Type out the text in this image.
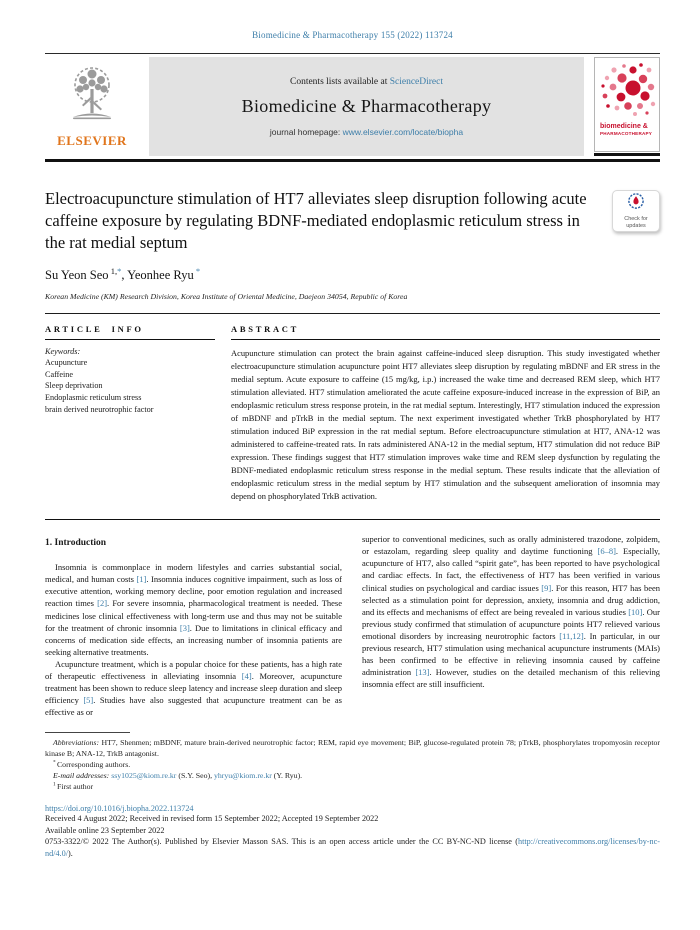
Biomedicine & Pharmacotherapy 155 (2022) 113724
ELSEVIER
Contents lists available at ScienceDirect
Biomedicine & Pharmacotherapy
journal homepage: www.elsevier.com/locate/biopha	biomedicine &
PHARMACOTHERAPY
Electroacupuncture stimulation of HT7 alleviates sleep disruption following acute caffeine exposure by regulating BDNF-mediated endoplasmic reticulum stress in the rat medial septum
Check for
updates
Su Yeon Seo $^{1,*}$, Yeonhee Ryu *
Korean Medicine (KM) Research Division, Korea Institute of Oriental Medicine, Daejeon 34054, Republic of Korea
ARTICLE INFO
Keywords:
Acupuncture
Caffeine
Sleep deprivation
Endoplasmic reticulum stress
brain derived neurotrophic factor
ABSTRACT
Acupuncture stimulation can protect the brain against caffeine-induced sleep disruption. This study investigated whether electroacupuncture stimulation acupuncture point HT7 alleviates sleep disruption by regulating mBDNF and ER stress in the medial septum. Acute exposure to caffeine (15 mg/kg, i.p.) increased the wake time and decreased REM sleep, which HT7 stimulation alleviated. HT7 stimulation ameliorated the acute caffeine exposure-induced increase in the expression of BiP, an endoplasmic reticulum stress response protein, in the rat medial septum. Interestingly, HT7 stimulation induced the expression of mBDNF and pTrkB in the medial septum. The next experiment investigated whether TrkB phosphorylated by HT7 stimulation induced BiP expression in the rat medial septum. Before electroacupuncture stimulation at HT7, ANA-12 was administered to caffeine-treated rats. In rats administered ANA-12 in the medial septum, HT7 stimulation did not reduce BiP expression. These findings suggest that HT7 stimulation improves wake time and REM sleep dysfunction by regulating the BDNF-mediated endoplasmic reticulum stress response in the medial septum. These results indicate that the alleviation of endoplasmic reticulum stress in the medial septum by HT7 stimulation and the subsequent amelioration of insomnia may depend on phosphorylated TrkB activation.
1. Introduction

Insomnia is commonplace in modern lifestyles and carries substantial social, medical, and human costs [1]. Insomnia induces cognitive impairment, such as loss of executive attention, working memory decline, poor emotion regulation and increased reaction times [2]. For severe insomnia, pharmacological treatment is needed. These medicines lose clinical effectiveness with long-term use and thus may not be suitable for the treatment of chronic insomnia [3]. Due to limitations in clinical efficacy and concerns of medication side effects, an increasing number of insomnia patients are seeking alternative treatments.

Acupuncture treatment, which is a popular choice for these patients, has a high rate of therapeutic effectiveness in alleviating insomnia [4]. Moreover, acupuncture treatment has been shown to reduce sleep latency and increase sleep duration and sleep efficiency [5]. Studies have also suggested that acupuncture treatment can be as effective as or

superior to conventional medicines, such as orally administered trazodone, zolpidem, or estazolam, regarding sleep quality and daytime functioning [6–8]. Especially, acupuncture of HT7, also called “spirit gate”, has been reported to have psychological and cardiac effects. In fact, the effectiveness of HT7 has been verified in various clinical studies on psychological and cardiac issues [9]. For this reason, HT7 has been selected as a stimulation point for depression, anxiety, insomnia and drug addiction, and its effects and mechanisms of effect are being revealed in various studies [10]. Our previous study confirmed that stimulation of acupuncture points HT7 relieved various emotional disorders by increasing neurotrophic factors [11,12]. In particular, in our previous research, HT7 stimulation using mechanical acupuncture instruments (MAIs) has been confirmed to be effective in relieving insomnia caused by caffeine administration [13]. However, studies on the detailed mechanism of this relieving insomnia effect are still insufficient.

Abbreviations: HT7, Shenmen; mBDNF, mature brain-derived neurotrophic factor; REM, rapid eye movement; BiP, glucose-regulated protein 78; pTrkB, phosphorylates tropomyosin receptor kinase B; ANA-12, TrkB antagonist.
* Corresponding authors.
E-mail addresses: ssy1025@kiom.re.kr (S.Y. Seo), yhryu@kiom.re.kr (Y. Ryu).
$^1$ First author
https://doi.org/10.1016/j.biopha.2022.113724
Received 4 August 2022; Received in revised form 15 September 2022; Accepted 19 September 2022
Available online 23 September 2022
0753-3322/© 2022 The Author(s). Published by Elsevier Masson SAS. This is an open access article under the CC BY-NC-ND license (http://creativecommons.org/licenses/by-nc-nd/4.0/).
